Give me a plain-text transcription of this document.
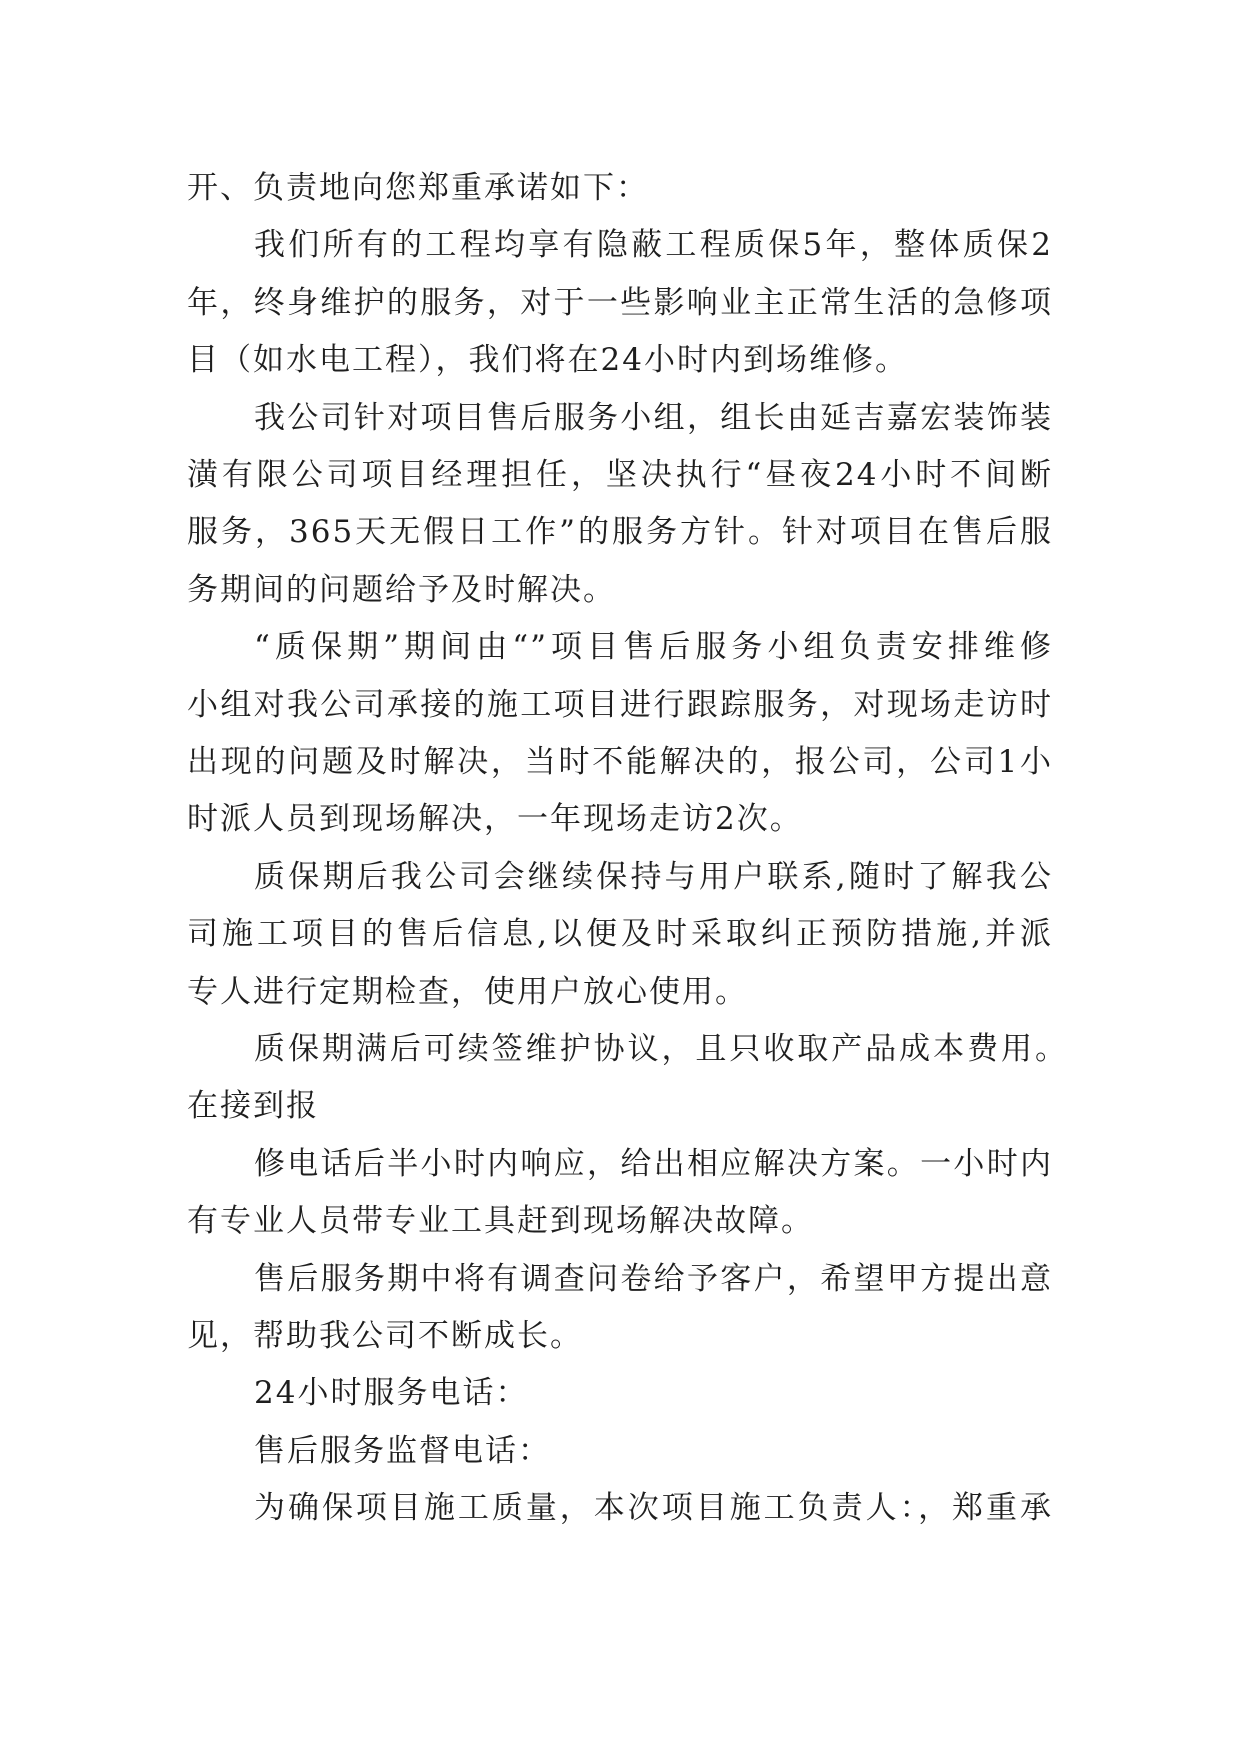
开、负责地向您郑重承诺如下：
我们所有的工程均享有隐蔽工程质保5年，整体质保2
年，终身维护的服务，对于一些影响业主正常生活的急修项
目（如水电工程），我们将在24小时内到场维修。
我公司针对项目售后服务小组，组长由延吉嘉宏装饰装
潢有限公司项目经理担任，坚决执行“昼夜24小时不间断
服务，365天无假日工作”的服务方针。针对项目在售后服
务期间的问题给予及时解决。
“质保期”期间由“”项目售后服务小组负责安排维修
小组对我公司承接的施工项目进行跟踪服务，对现场走访时
出现的问题及时解决，当时不能解决的，报公司，公司1小
时派人员到现场解决，一年现场走访2次。
质保期后我公司会继续保持与用户联系,随时了解我公
司施工项目的售后信息,以便及时采取纠正预防措施,并派
专人进行定期检查，使用户放心使用。
质保期满后可续签维护协议，且只收取产品成本费用。
在接到报
修电话后半小时内响应，给出相应解决方案。一小时内
有专业人员带专业工具赶到现场解决故障。
售后服务期中将有调查问卷给予客户，希望甲方提出意
见，帮助我公司不断成长。
24小时服务电话：
售后服务监督电话：
为确保项目施工质量，本次项目施工负责人：，郑重承
